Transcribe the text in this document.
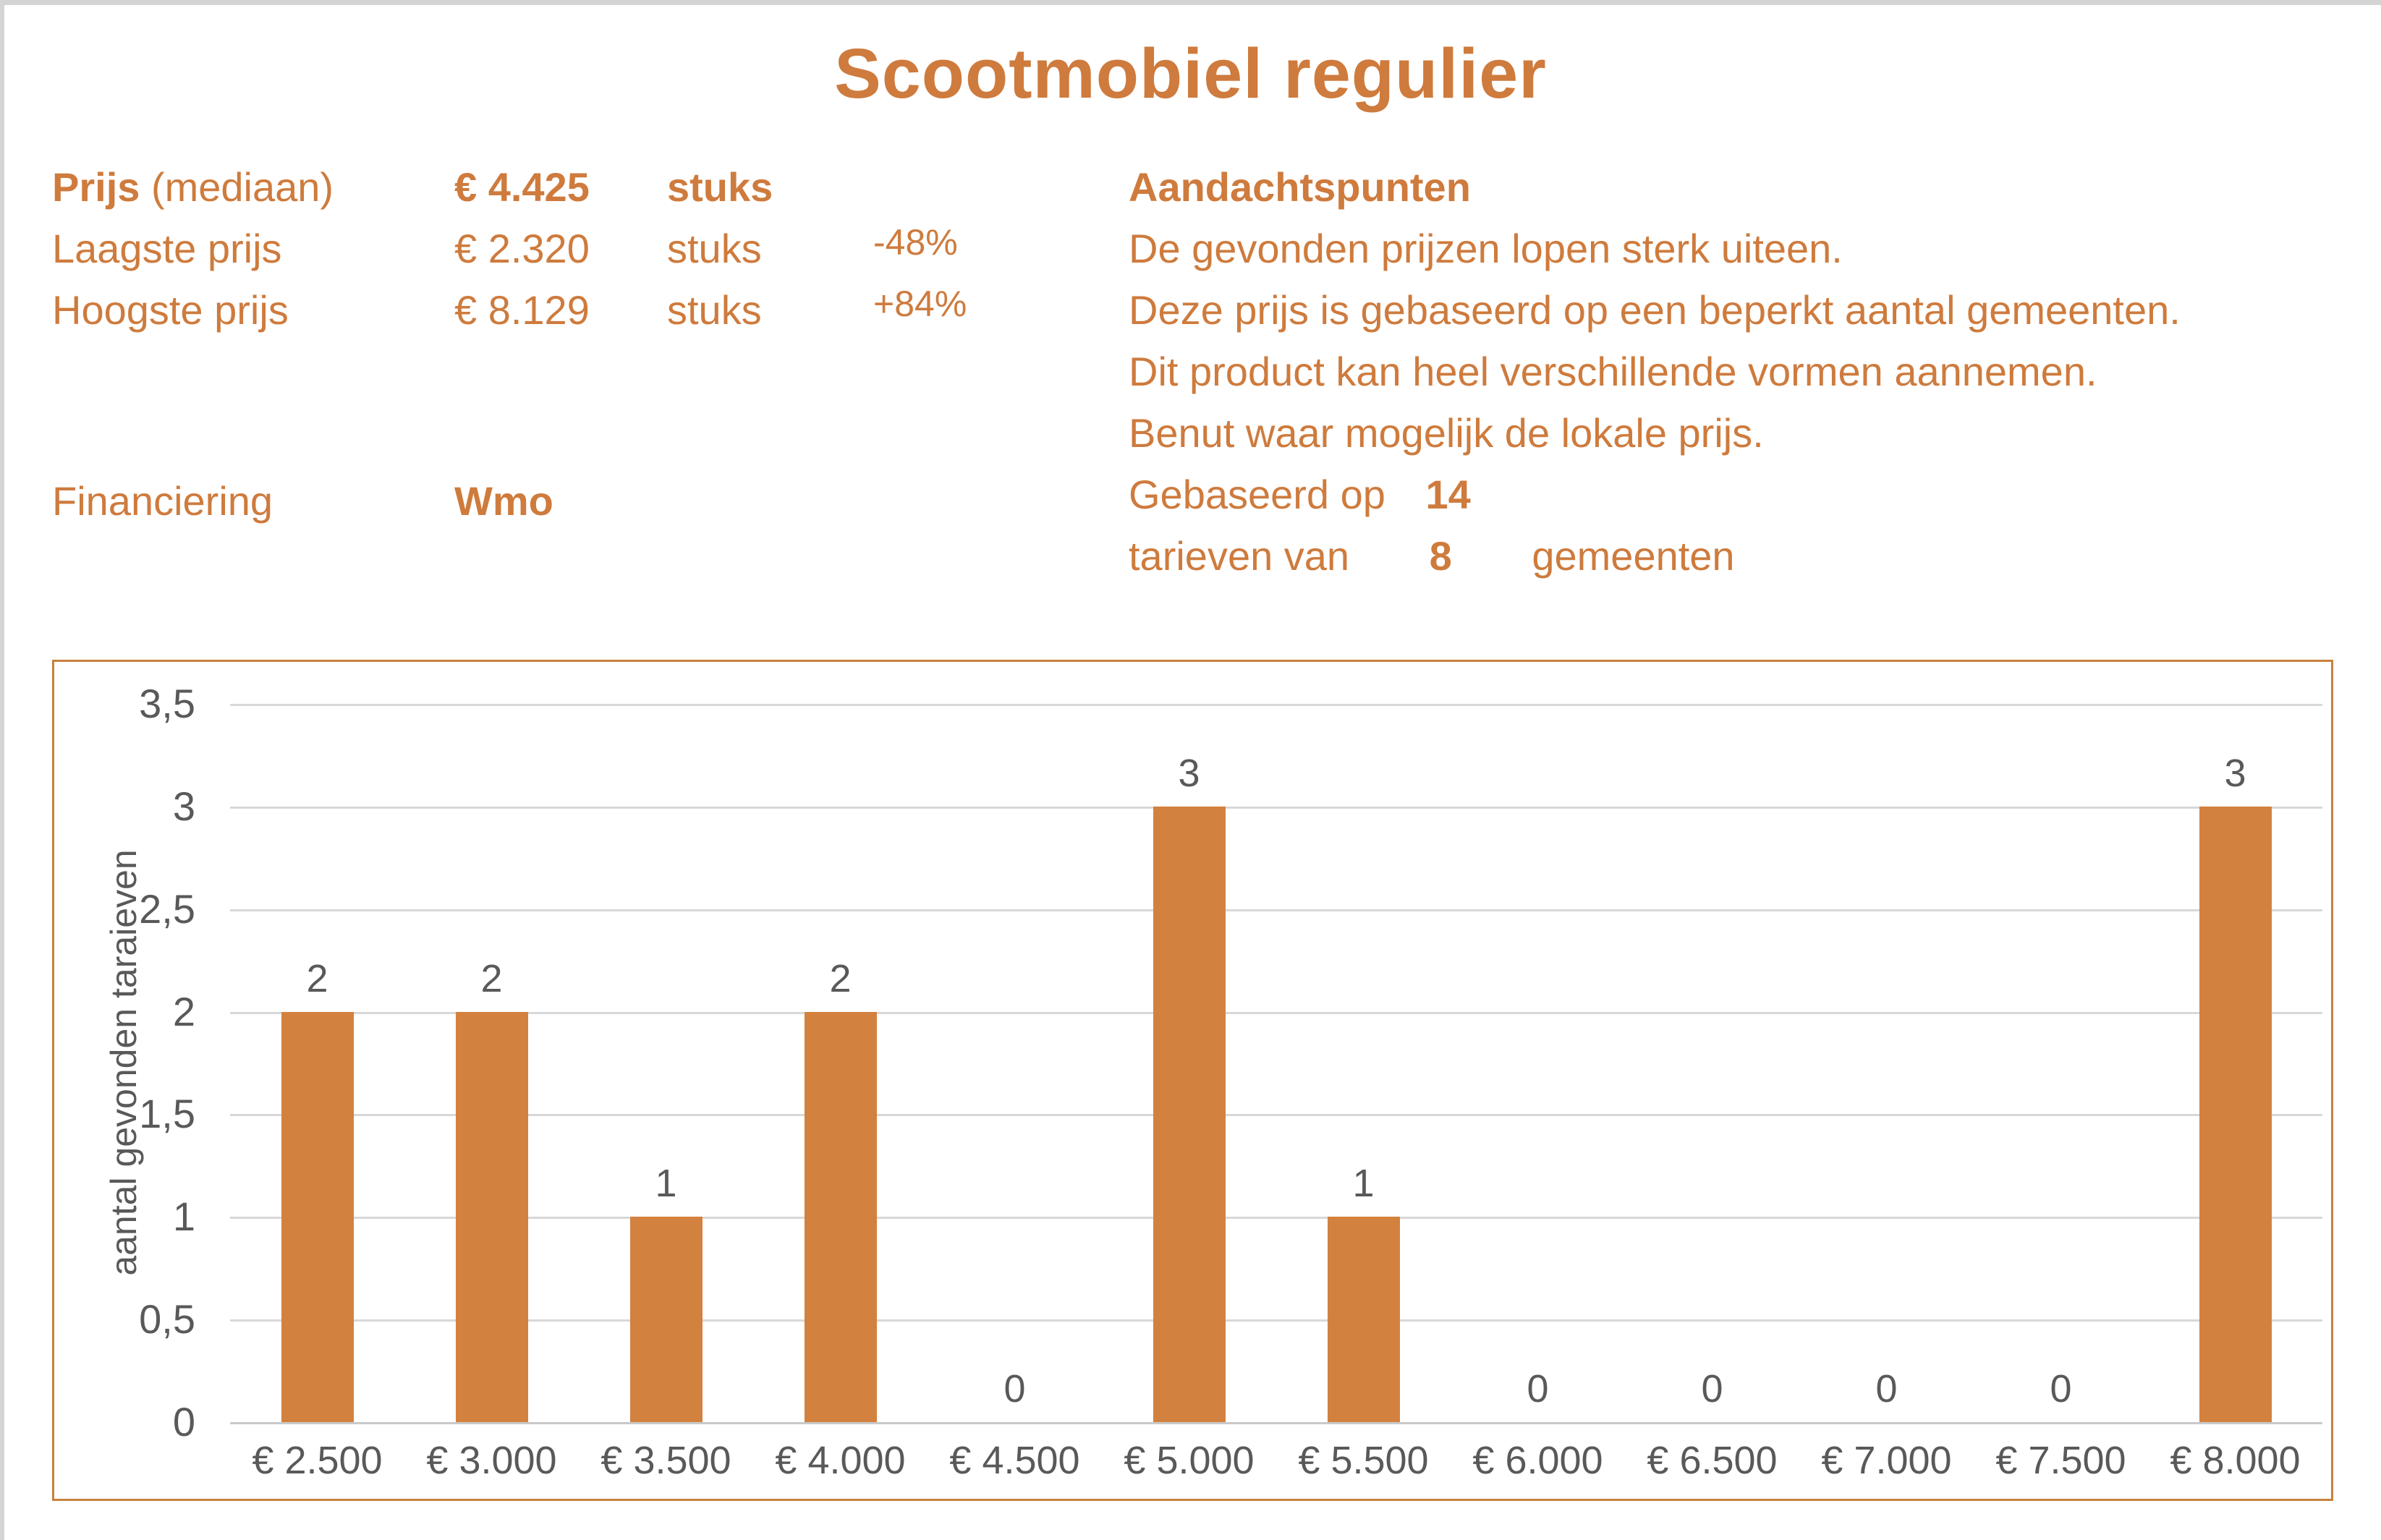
Scootmobiel regulier
Prijs (mediaan)	€ 4.425 stuks
Laagste prijs	€ 2.320 stuks	-48%
Hoogste prijs	€ 8.129 stuks	+84%
Financiering	Wmo
Aandachtspunten
De gevonden prijzen lopen sterk uiteen.
Deze prijs is gebaseerd op een beperkt aantal gemeenten.
Dit product kan heel verschillende vormen aannemen.
Benut waar mogelijk de lokale prijs.
Gebaseerd op 14
tarieven van 8 gemeenten
aantal gevonden taraieven
0
0,5
1
1,5
2
2,5
3
3,5
2	2
1
2
0
3
1
0	0	0	0
3
€ 2.500	€ 3.000	€ 3.500	€ 4.000	€ 4.500	€ 5.000	€ 5.500	€ 6.000	€ 6.500	€ 7.000	€ 7.500	€ 8.000
